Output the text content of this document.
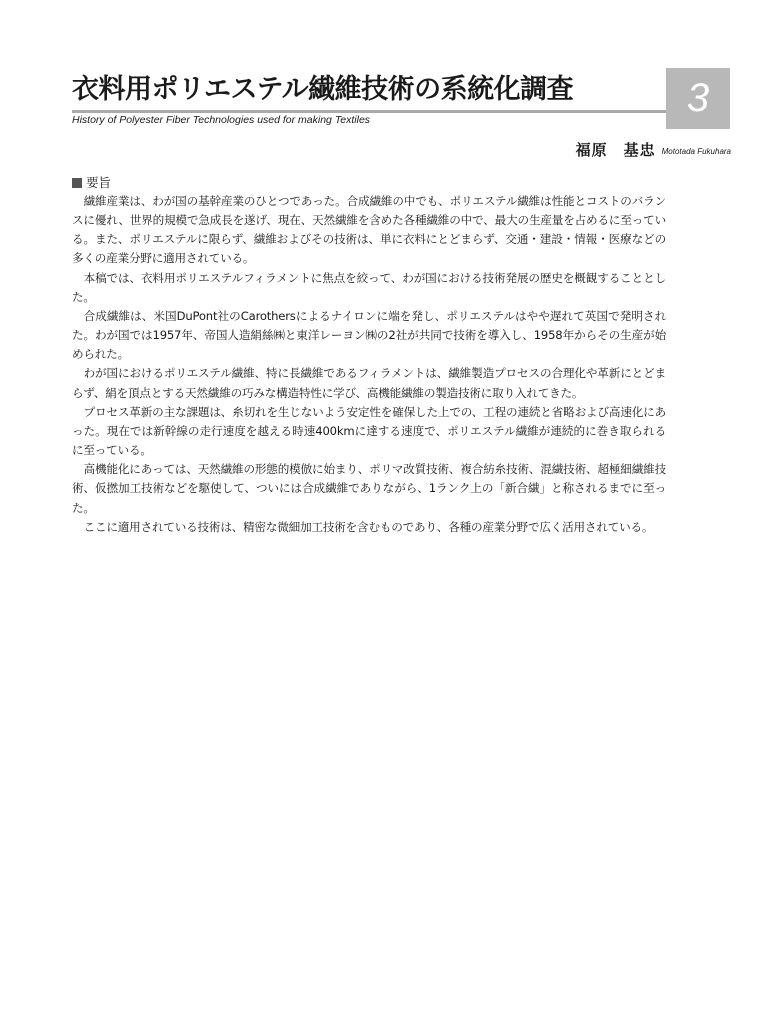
衣料用ポリエステル繊維技術の系統化調査	3
History of Polyester Fiber Technologies used for making Textiles
福原　基忠 Mototada Fukuhara
要旨

繊維産業は、わが国の基幹産業のひとつであった。合成繊維の中でも、ポリエステル繊維は性能とコストのバランスに優れ、世界的規模で急成長を遂げ、現在、天然繊維を含めた各種繊維の中で、最大の生産量を占めるに至っている。また、ポリエステルに限らず、繊維およびその技術は、単に衣料にとどまらず、交通・建設・情報・医療などの多くの産業分野に適用されている。

本稿では、衣料用ポリエステルフィラメントに焦点を絞って、わが国における技術発展の歴史を概観することとした。

合成繊維は、米国DuPont社のCarothersによるナイロンに端を発し、ポリエステルはやや遅れて英国で発明された。わが国では1957年、帝国人造絹絲㈱と東洋レーヨン㈱の2社が共同で技術を導入し、1958年からその生産が始められた。

わが国におけるポリエステル繊維、特に長繊維であるフィラメントは、繊維製造プロセスの合理化や革新にとどまらず、絹を頂点とする天然繊維の巧みな構造特性に学び、高機能繊維の製造技術に取り入れてきた。

プロセス革新の主な課題は、糸切れを生じないよう安定性を確保した上での、工程の連続と省略および高速化にあった。現在では新幹線の走行速度を越える時速400kmに達する速度で、ポリエステル繊維が連続的に巻き取られるに至っている。

高機能化にあっては、天然繊維の形態的模倣に始まり、ポリマ改質技術、複合紡糸技術、混繊技術、超極細繊維技術、仮撚加工技術などを駆使して、ついには合成繊維でありながら、1ランク上の「新合繊」と称されるまでに至った。

ここに適用されている技術は、精密な微細加工技術を含むものであり、各種の産業分野で広く活用されている。
